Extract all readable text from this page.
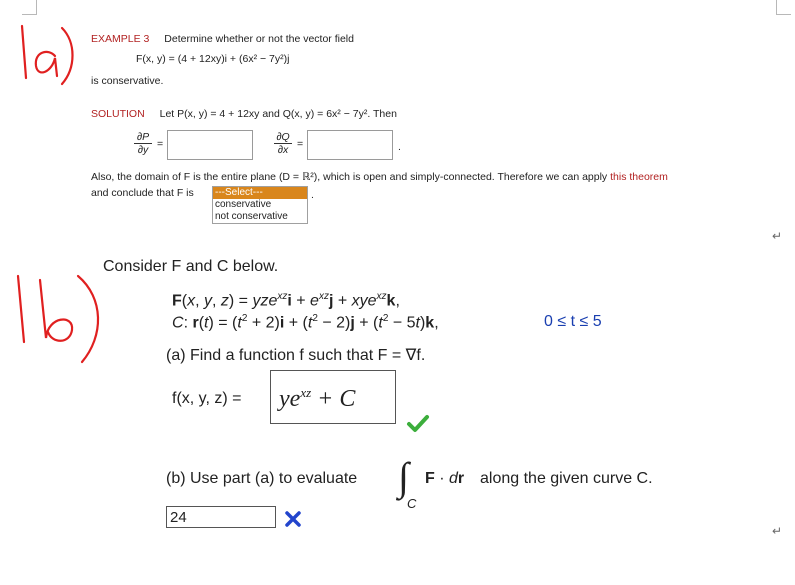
EXAMPLE 3 Determine whether or not the vector field
F(x, y) = (4 + 12xy)i + (6x² − 7y²)j
is conservative.
SOLUTION Let P(x, y) = 4 + 12xy and Q(x, y) = 6x² − 7y². Then
$\frac{\partial P}{\partial y}$ =	$\frac{\partial Q}{\partial x}$ =	.
Also, the domain of F is the entire plane (D = ℝ²), which is open and simply-connected. Therefore we can apply this theorem
and conclude that F is ---Select---
conservative
not conservative
.
↵
↵
Consider F and C below.
F(x, y, $z) = yze^{xz}i + e^{xz}j + xye^{xz}k$,
C: $r(t) = (t^2 + 2)i + (t^2 - 2)j + (t^2 - 5t)k$,	0 ≤ t ≤ 5
(a) Find a function f such that F = ∇f.
f(x, y, $z) = ye^{xz} + C$
(b) Use part (a) to evaluate ∫
C
F · dr along the given curve C.
24
